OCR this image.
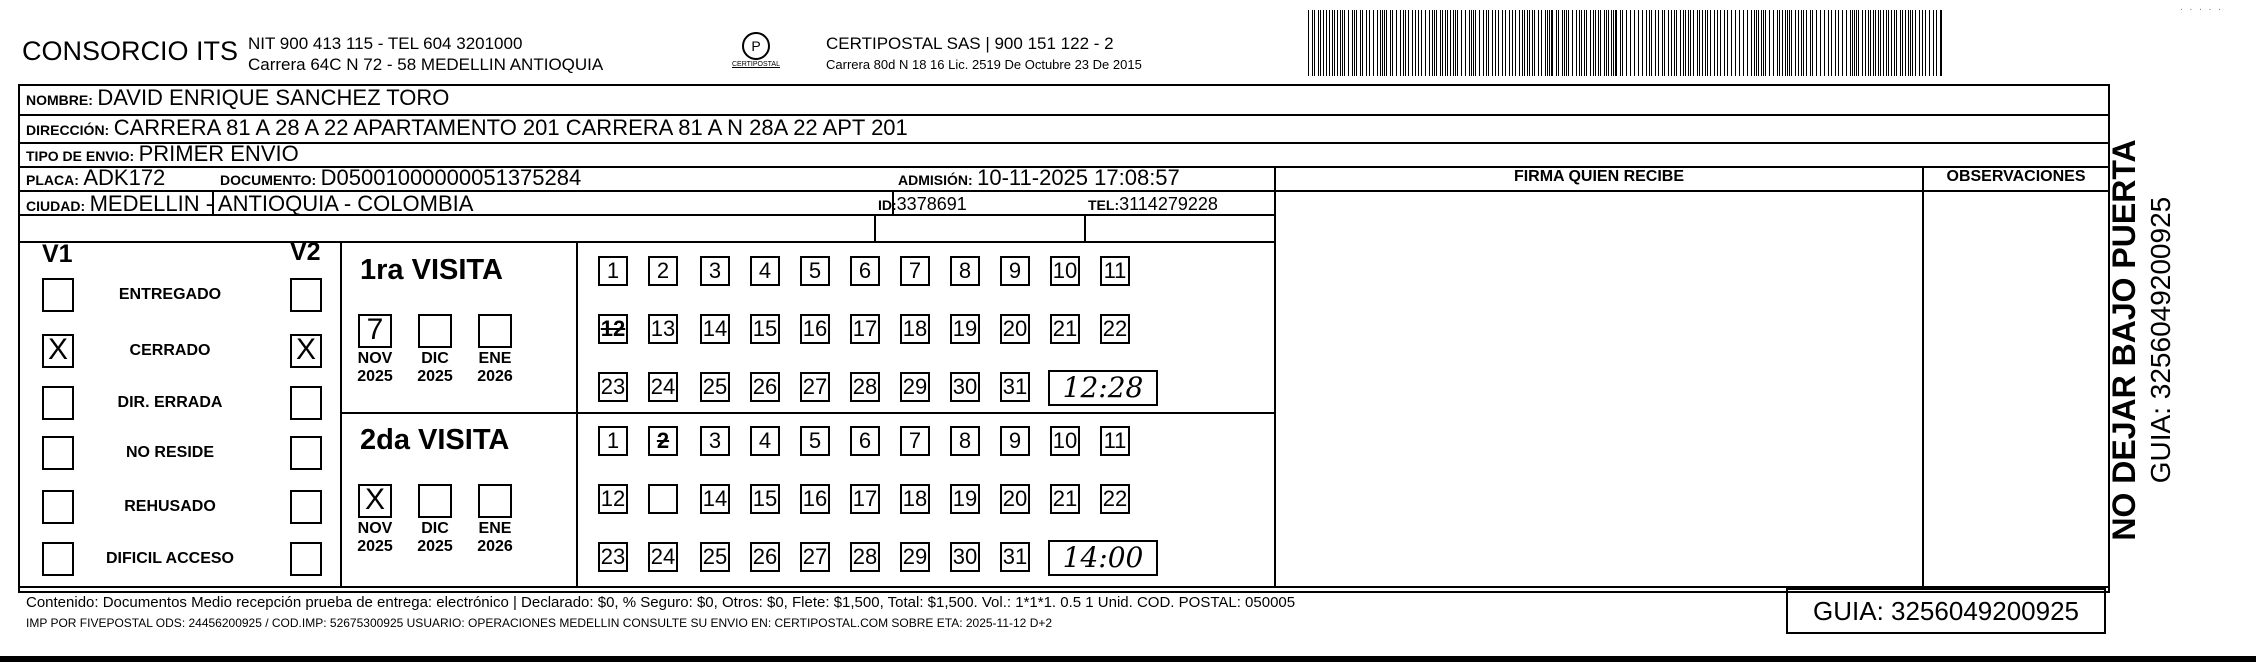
CONSORCIO ITS NIT 900 413 115 - TEL 604 3201000
Carrera 64C N 72 - 58 MEDELLIN ANTIOQUIA
P
CERTIPOSTAL
CERTIPOSTAL SAS | 900 151 122 - 2
Carrera 80d N 18 16 Lic. 2519 De Octubre 23 De 2015
. . . . .
NOMBRE: DAVID ENRIQUE SANCHEZ TORO
DIRECCIÓN: CARRERA 81 A 28 A 22 APARTAMENTO 201 CARRERA 81 A N 28A 22 APT 201
TIPO DE ENVIO: PRIMER ENVIO
PLACA: ADK172	DOCUMENTO: D05001000000051375284	ADMISIÓN: 10-11-2025 17:08:57
CIUDAD: MEDELLIN - ANTIOQUIA - COLOMBIA	ID:3378691	TEL:3114279228
FIRMA QUIEN RECIBE	OBSERVACIONES
V1	V2
ENTREGADO
X	CERRADO	X
DIR. ERRADA
NO RESIDE
REHUSADO
DIFICIL ACCESO
1ra VISITA
2da VISITA
7
NOV
2025
DIC
2025
ENE
2026
X
NOV
2025
DIC
2025
ENE
2026
1	2	3	4	5	6	7	8	9	10 11
12 13 14 15 16 17 18 19 20 21 22
23 24 25 26 27 28 29 30 31	12:28
1	2	3	4	5	6	7	8	9	10 11
12	14 15 16 17 18 19 20 21 22
23 24 25 26 27 28 29 30 31	14:00
Contenido: Documentos Medio recepción prueba de entrega: electrónico | Declarado: $0, % Seguro: $0, Otros: $0, Flete: $1,500, Total: $1,500. Vol.: 1*1*1. 0.5 1 Unid. COD. POSTAL: 050005
IMP POR FIVEPOSTAL ODS: 24456200925 / COD.IMP: 52675300925 USUARIO: OPERACIONES MEDELLIN CONSULTE SU ENVIO EN: CERTIPOSTAL.COM SOBRE ETA: 2025-11-12 D+2	GUIA: 3256049200925
NO DEJAR BAJO PUERTA GUIA: 3256049200925
